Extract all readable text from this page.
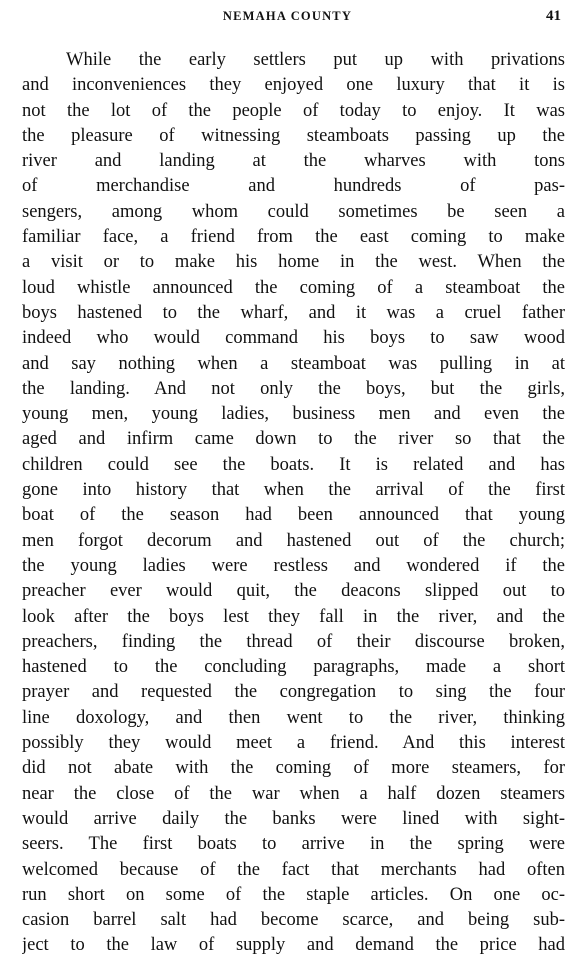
NEMAHA COUNTY	41
While the early settlers put up with privations
and inconveniences they enjoyed one luxury that it is
not the lot of the people of today to enjoy. It was
the pleasure of witnessing steamboats passing up the
river and landing at the wharves with tons
of merchandise and hundreds of pas-
sengers, among whom could sometimes be seen a
familiar face, a friend from the east coming to make
a visit or to make his home in the west. When the
loud whistle announced the coming of a steamboat the
boys hastened to the wharf, and it was a cruel father
indeed who would command his boys to saw wood
and say nothing when a steamboat was pulling in at
the landing. And not only the boys, but the girls,
young men, young ladies, business men and even the
aged and infirm came down to the river so that the
children could see the boats. It is related and has
gone into history that when the arrival of the first
boat of the season had been announced that young
men forgot decorum and hastened out of the church;
the young ladies were restless and wondered if the
preacher ever would quit, the deacons slipped out to
look after the boys lest they fall in the river, and the
preachers, finding the thread of their discourse broken,
hastened to the concluding paragraphs, made a short
prayer and requested the congregation to sing the four
line doxology, and then went to the river, thinking
possibly they would meet a friend. And this interest
did not abate with the coming of more steamers, for
near the close of the war when a half dozen steamers
would arrive daily the banks were lined with sight-
seers. The first boats to arrive in the spring were
welcomed because of the fact that merchants had often
run short on some of the staple articles. On one oc-
casion barrel salt had become scarce, and being sub-
ject to the law of supply and demand the price had
